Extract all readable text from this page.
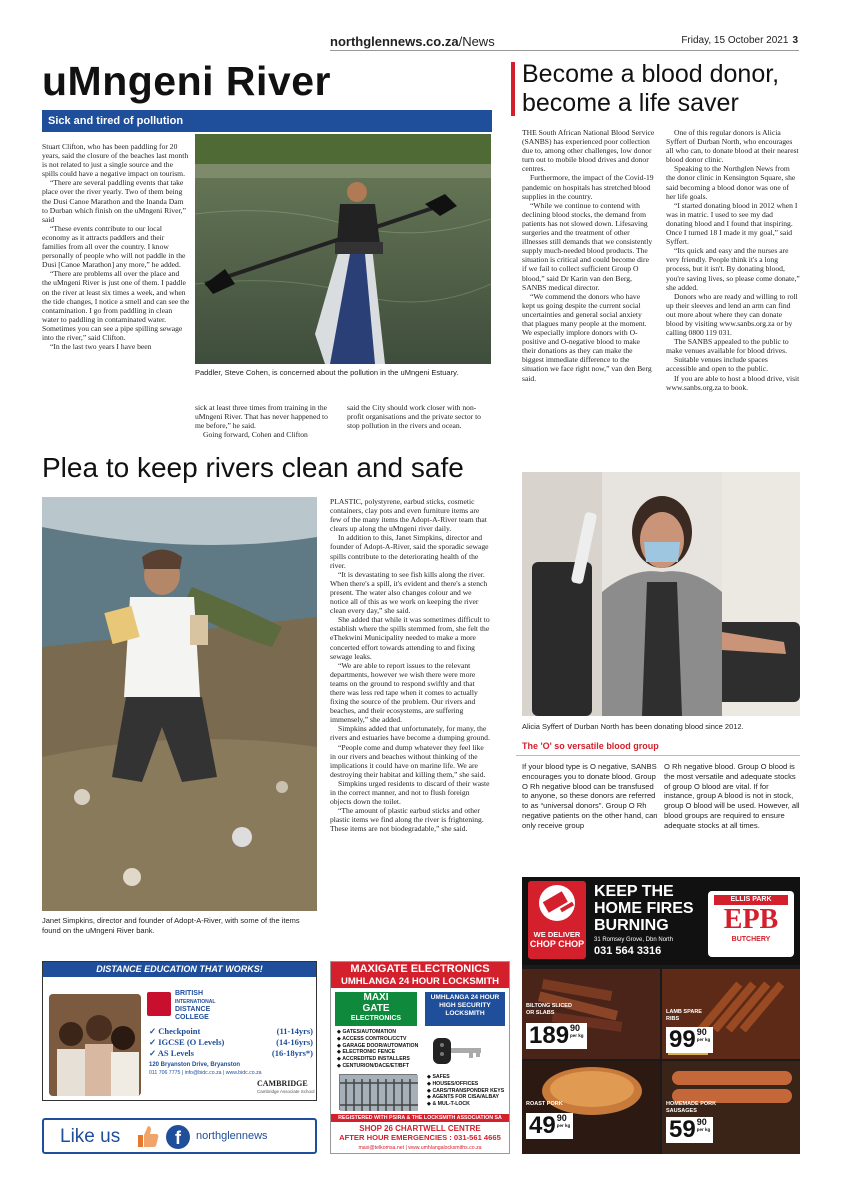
northglennews.co.za/News	Friday, 15 October 2021 3
uMngeni River
Sick and tired of pollution

Stuart Clifton, who has been paddling for 20 years, said the closure of the beaches last month is not related to just a single source and the spills could have a negative impact on tourism.

“There are several paddling events that take place over the river yearly. Two of them being the Dusi Canoe Marathon and the Inanda Dam to Durban which finish on the uMngeni River,” said

“These events contribute to our local economy as it attracts paddlers and their families from all over the country. I know personally of people who will not paddle in the Dusi [Canoe Marathon] any more,” he added.

“There are problems all over the place and the uMngeni River is just one of them. I paddle on the river at least six times a week, and when the tide changes, I notice a smell and can see the contamination. I go from paddling in clean water to paddling in contaminated water. Sometimes you can see a pipe spilling sewage into the river,” said Clifton.

“In the last two years I have been

Paddler, Steve Cohen, is concerned about the pollution in the uMngeni Estuary.

sick at least three times from training in the uMngeni River. That has never happened to me before,” he said.

Going forward, Cohen and Clifton

said the City should work closer with non-profit organisations and the private sector to stop pollution in the rivers and ocean.

Become a blood donor,
become a life saver

THE South African National Blood Service (SANBS) has experienced poor collection due to, among other challenges, low donor turn out to mobile blood drives and donor centres.

Furthermore, the impact of the Covid-19 pandemic on hospitals has stretched blood supplies in the country.

“While we continue to contend with declining blood stocks, the demand from patients has not slowed down. Lifesaving surgeries and the treatment of other illnesses still demands that we consistently supply much-needed blood products. The situation is critical and could become dire if we fail to collect sufficient Group O blood,” said Dr Karin van den Berg, SANBS medical director.

“We commend the donors who have kept us going despite the current social uncertainties and general social anxiety that plagues many people at the moment. We especially implore donors with O-positive and O-negative blood to make their donations as they can make the biggest immediate difference to the situation we face right now,” van den Berg said.

One of this regular donors is Alicia Syffert of Durban North, who encourages all who can, to donate blood at their nearest blood donor clinic.

Speaking to the Northglen News from the donor clinic in Kensington Square, she said becoming a blood donor was one of her life goals.

“I started donating blood in 2012 when I was in matric. I used to see my dad donating blood and I found that inspiring. Once I turned 18 I made it my goal,” said Syffert.

“Its quick and easy and the nurses are very friendly. People think it's a long process, but it isn't. By donating blood, you're saving lives, so please come donate,” she added.

Donors who are ready and willing to roll up their sleeves and lend an arm can find out more about where they can donate blood by visiting www.sanbs.org.za or by calling 0800 119 031.

The SANBS appealed to the public to make venues available for blood drives.

Suitable venues include spaces accessible and open to the public.

If you are able to host a blood drive, visit www.sanbs.org.za to book.

Alicia Syffert of Durban North has been donating blood since 2012.
The 'O' so versatile blood group
If your blood type is O negative, SANBS encourages you to donate blood. Group O Rh negative blood can be transfused to anyone, so these donors are referred to as “universal donors”. Group O Rh negative patients on the other hand, can only receive group
O Rh negative blood. Group O blood is the most versatile and adequate stocks of group O blood are vital. If for instance, group A blood is not in stock, group O blood will be used. However, all blood groups are required to ensure adequate stocks at all times.
Plea to keep rivers clean and safe
Janet Simpkins, director and founder of Adopt-A-River, with some of the items found on the uMngeni River bank.

PLASTIC, polystyrene, earbud sticks, cosmetic containers, clay pots and even furniture items are few of the many items the Adopt-A-River team that clears up along the uMngeni river daily.

In addition to this, Janet Simpkins, director and founder of Adopt-A-River, said the sporadic sewage spills contribute to the deteriorating health of the river.

“It is devastating to see fish kills along the river. When there's a spill, it's evident and there's a stench present. The water also changes colour and we notice all of this as we work on keeping the river clean every day,” she said.

She added that while it was sometimes difficult to establish where the spills stemmed from, she felt the eThekwini Municipality needed to make a more concerted effort towards attending to and fixing sewage leaks.

“We are able to report issues to the relevant departments, however we wish there were more teams on the ground to respond swiftly and that there was less red tape when it comes to actually fixing the source of the problem. Our rivers and beaches, and their ecosystems, are suffering immensely,” she added.

Simpkins added that unfortunately, for many, the rivers and estuaries have become a dumping ground.

“People come and dump whatever they feel like in our rivers and beaches without thinking of the implications it could have on marine life. We are destroying their habitat and killing them,” she said.

Simpkins urged residents to discard of their waste in the correct manner, and not to flush foreign objects down the toilet.

“The amount of plastic earbud sticks and other plastic items we find along the river is frightening. These items are not biodegradable,” she said.

DISTANCE EDUCATION THAT WORKS!
BRITISH
INTERNATIONAL
DISTANCE
COLLEGE
✓ Checkpoint	(11-14yrs)
✓ IGCSE (O Levels)	(14-16yrs)
✓ AS Levels	(16-18yrs*)
120 Bryanston Drive, Bryanston
011 706 7775 | info@bidc.co.za | www.bidc.co.za
CAMBRIDGE
Cambridge Associate School
Like us	f	northglennews
MAXIGATE ELECTRONICS
UMHLANGA 24 HOUR LOCKSMITH
MAXI
GATE
ELECTRONICS
◆ GATES/AUTOMATION
◆ ACCESS CONTROL/CCTV
◆ GARAGE DOOR/AUTOMATION
◆ ELECTRONIC FENCE
◆ ACCREDITED INSTALLERS
◆ CENTURION/DACE/ET/BFT
UMHLANGA 24 HOUR HIGH SECURITY LOCKSMITH
◆ SAFES
◆ HOUSES/OFFICES
◆ CARS/TRANSPONDER KEYS
◆ AGENTS FOR CISA/ALBAY
◆ & MUL-T-LOCK
REGISTERED WITH PSIRA & THE LOCKSMITH ASSOCIATION SA
SHOP 26 CHARTWELL CENTRE
AFTER HOUR EMERGENCIES : 031-561 4665
maxi@telkomsa.net | www.umhlangalocksmiths.co.za
WE DELIVER
CHOP CHOP
KEEP THE
HOME FIRES
BURNING
31 Romsey Grove, Dbn North
031 564 3316
ELLIS PARK
EPB
BUTCHERY
BILTONG SLICED OR SLABS
189 90
per kg
LAMB SPARE RIBS
99 90
per kg
ROAST PORK
49 90
per kg
HOMEMADE PORK SAUSAGES
59 90
per kg
